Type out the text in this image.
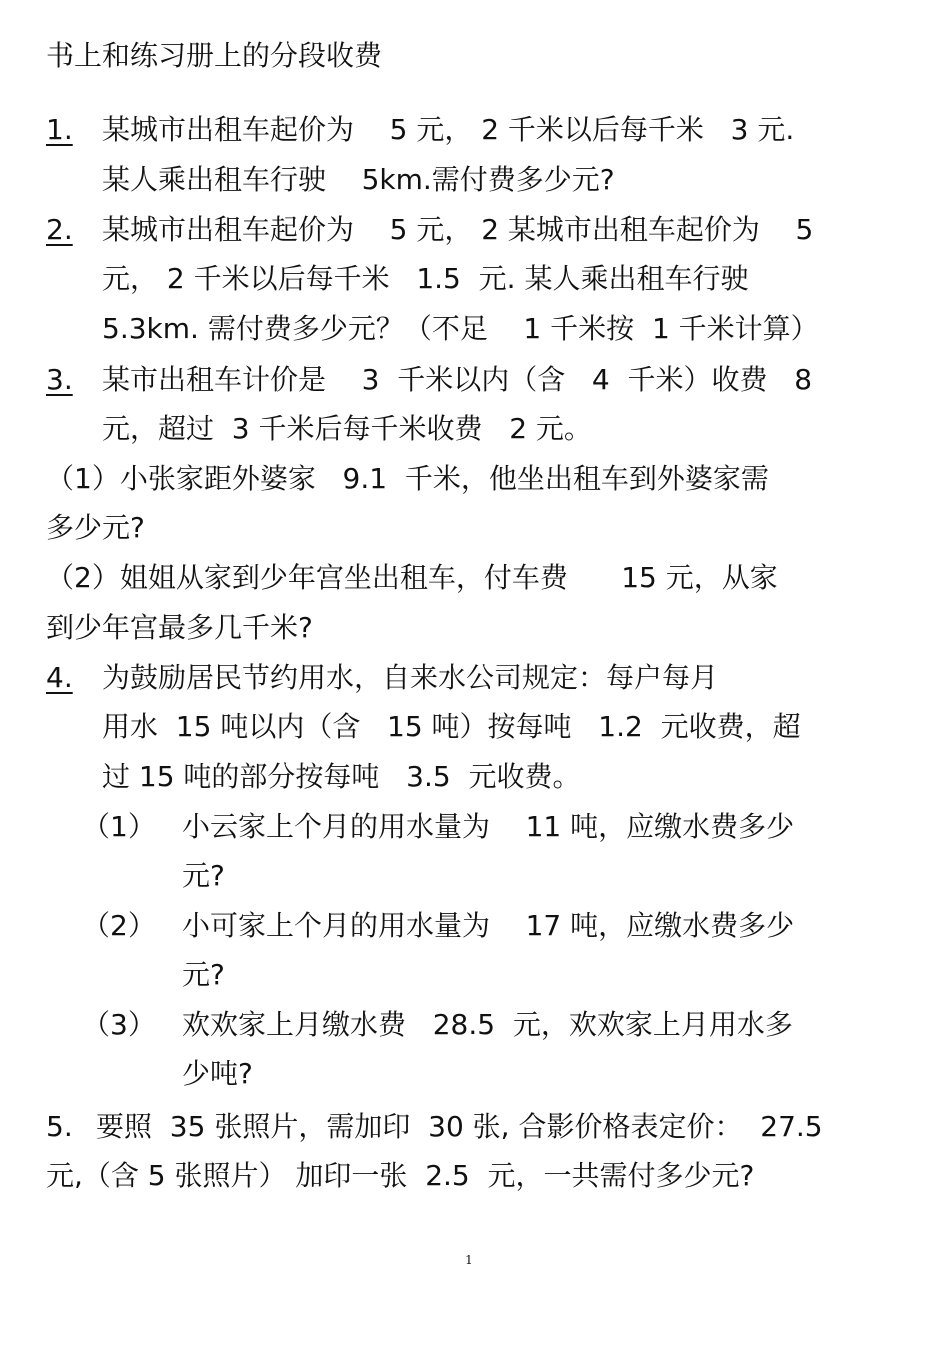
书上和练习册上的分段收费
1. 某城市出租车起价为    5 元， 2 千米以后每千米   3 元.
某人乘出租车行驶    5km.需付费多少元?
2. 某城市出租车起价为    5 元， 2 某城市出租车起价为    5
元， 2 千米以后每千米   1.5  元. 某人乘出租车行驶
5.3km. 需付费多少元？（不足    1 千米按  1 千米计算）
3. 某市出租车计价是    3  千米以内（含   4  千米）收费   8
元，超过  3 千米后每千米收费   2 元。
（1）小张家距外婆家   9.1  千米，他坐出租车到外婆家需
多少元?
（2）姐姐从家到少年宫坐出租车，付车费      15 元，从家
到少年宫最多几千米?
4. 为鼓励居民节约用水，自来水公司规定：每户每月
用水  15 吨以内（含   15 吨）按每吨   1.2  元收费，超
过 15 吨的部分按每吨   3.5  元收费。
（1） 小云家上个月的用水量为    11 吨，应缴水费多少
元?
（2） 小可家上个月的用水量为    17 吨，应缴水费多少
元?
（3） 欢欢家上月缴水费   28.5  元，欢欢家上月用水多
少吨?
5. 要照  35 张照片，需加印  30 张, 合影价格表定价：  27.5
元,（含 5 张照片） 加印一张  2.5  元，一共需付多少元?
1
